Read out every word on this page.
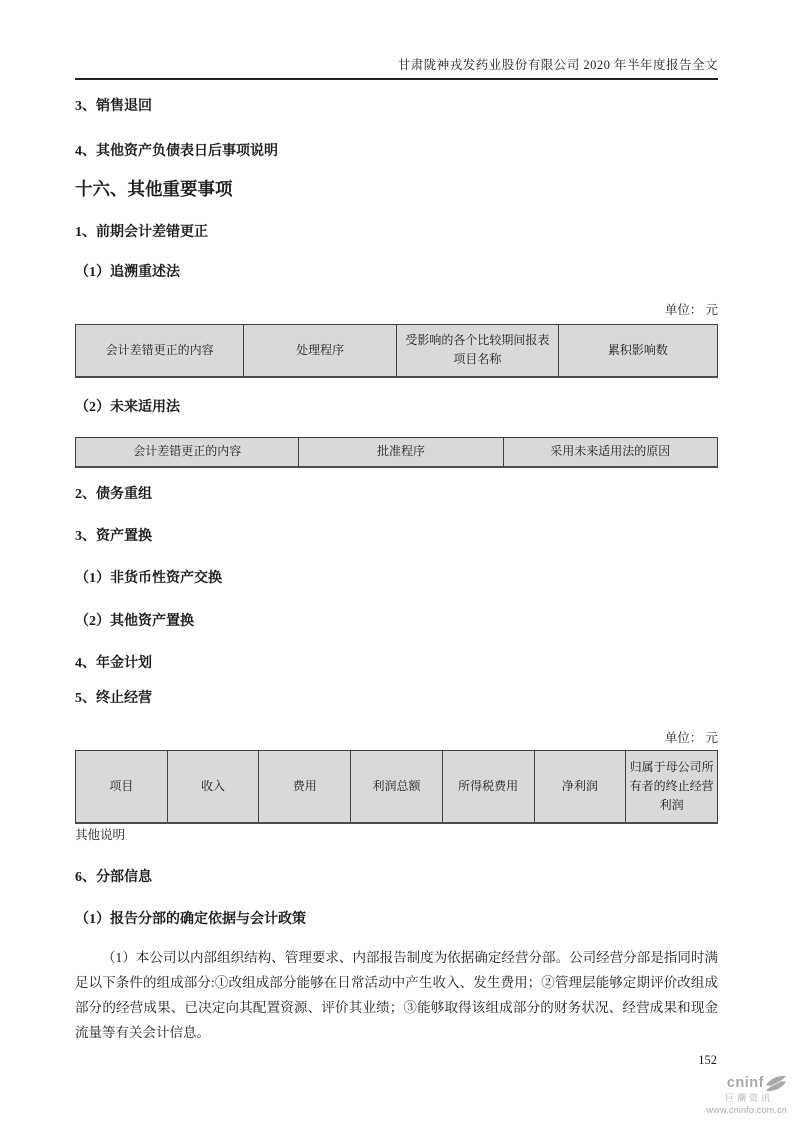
甘肃陇神戎发药业股份有限公司 2020 年半年度报告全文
3、销售退回
4、其他资产负债表日后事项说明
十六、其他重要事项
1、前期会计差错更正
（1）追溯重述法
单位： 元
会计差错更正的内容	处理程序	受影响的各个比较期间报表项目名称	累积影响数
（2）未来适用法
会计差错更正的内容	批准程序	采用未来适用法的原因
2、债务重组
3、资产置换
（1）非货币性资产交换
（2）其他资产置换
4、年金计划
5、终止经营
单位： 元
项目	收入	费用	利润总额	所得税费用	净利润	归属于母公司所有者的终止经营利润
其他说明
6、分部信息
（1）报告分部的确定依据与会计政策
（1）本公司以内部组织结构、管理要求、内部报告制度为依据确定经营分部。公司经营分部是指同时满足以下条件的组成部分:①改组成部分能够在日常活动中产生收入、发生费用；②管理层能够定期评价改组成部分的经营成果、已决定向其配置资源、评价其业绩；③能够取得该组成部分的财务状况、经营成果和现金流量等有关会计信息。
152
cninf
巨潮资讯
www.cninfo.com.cn
